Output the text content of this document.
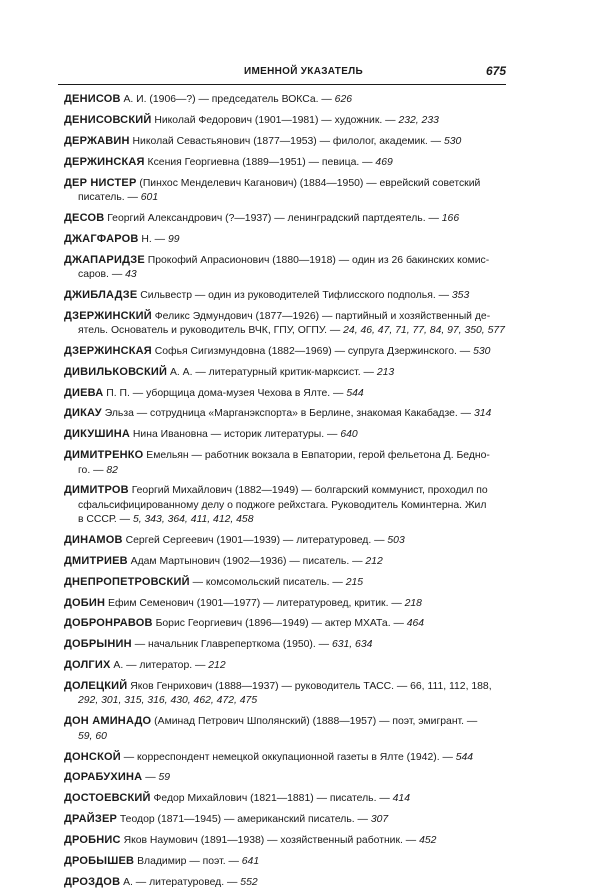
ИМЕННОЙ УКАЗАТЕЛЬ	675
ДЕНИСОВ А. И. (1906—?) — председатель ВОКСа. — 626
ДЕНИСОВСКИЙ Николай Федорович (1901—1981) — художник. — 232, 233
ДЕРЖАВИН Николай Севастьянович (1877—1953) — филолог, академик. — 530
ДЕРЖИНСКАЯ Ксения Георгиевна (1889—1951) — певица. — 469
ДЕР НИСТЕР (Пинхос Менделевич Каганович) (1884—1950) — еврейский советский
писатель. — 601
ДЕСОВ Георгий Александрович (?—1937) — ленинградский партдеятель. — 166
ДЖАГФАРОВ Н. — 99
ДЖАПАРИДЗЕ Прокофий Апрасионович (1880—1918) — один из 26 бакинских комис-
саров. — 43
ДЖИБЛАДЗЕ Сильвестр — один из руководителей Тифлисского подполья. — 353
ДЗЕРЖИНСКИЙ Феликс Эдмундович (1877—1926) — партийный и хозяйственный де-
ятель. Основатель и руководитель ВЧК, ГПУ, ОГПУ. — 24, 46, 47, 71, 77, 84, 97, 350, 577
ДЗЕРЖИНСКАЯ Софья Сигизмундовна (1882—1969) — супруга Дзержинского. — 530
ДИВИЛЬКОВСКИЙ А. А. — литературный критик-марксист. — 213
ДИЕВА П. П. — уборщица дома-музея Чехова в Ялте. — 544
ДИКАУ Эльза — сотрудница «Марганэкспорта» в Берлине, знакомая Какабадзе. — 314
ДИКУШИНА Нина Ивановна — историк литературы. — 640
ДИМИТРЕНКО Емельян — работник вокзала в Евпатории, герой фельетона Д. Бедно-
го. — 82
ДИМИТРОВ Георгий Михайлович (1882—1949) — болгарский коммунист, проходил по
сфальсифицированному делу о поджоге рейхстага. Руководитель Коминтерна. Жил
в СССР. — 5, 343, 364, 411, 412, 458
ДИНАМОВ Сергей Сергеевич (1901—1939) — литературовед. — 503
ДМИТРИЕВ Адам Мартынович (1902—1936) — писатель. — 212
ДНЕПРОПЕТРОВСКИЙ — комсомольский писатель. — 215
ДОБИН Ефим Семенович (1901—1977) — литературовед, критик. — 218
ДОБРОНРАВОВ Борис Георгиевич (1896—1949) — актер МХАТа. — 464
ДОБРЫНИН — начальник Главреперткома (1950). — 631, 634
ДОЛГИХ А. — литератор. — 212
ДОЛЕЦКИЙ Яков Генрихович (1888—1937) — руководитель ТАСС. — 66, 111, 112, 188,
292, 301, 315, 316, 430, 462, 472, 475
ДОН АМИНАДО (Аминад Петрович Шполянский) (1888—1957) — поэт, эмигрант. —
59, 60
ДОНСКОЙ — корреспондент немецкой оккупационной газеты в Ялте (1942). — 544
ДОРАБУХИНА — 59
ДОСТОЕВСКИЙ Федор Михайлович (1821—1881) — писатель. — 414
ДРАЙЗЕР Теодор (1871—1945) — американский писатель. — 307
ДРОБНИС Яков Наумович (1891—1938) — хозяйственный работник. — 452
ДРОБЫШЕВ Владимир — поэт. — 641
ДРОЗДОВ А. — литературовед. — 552
